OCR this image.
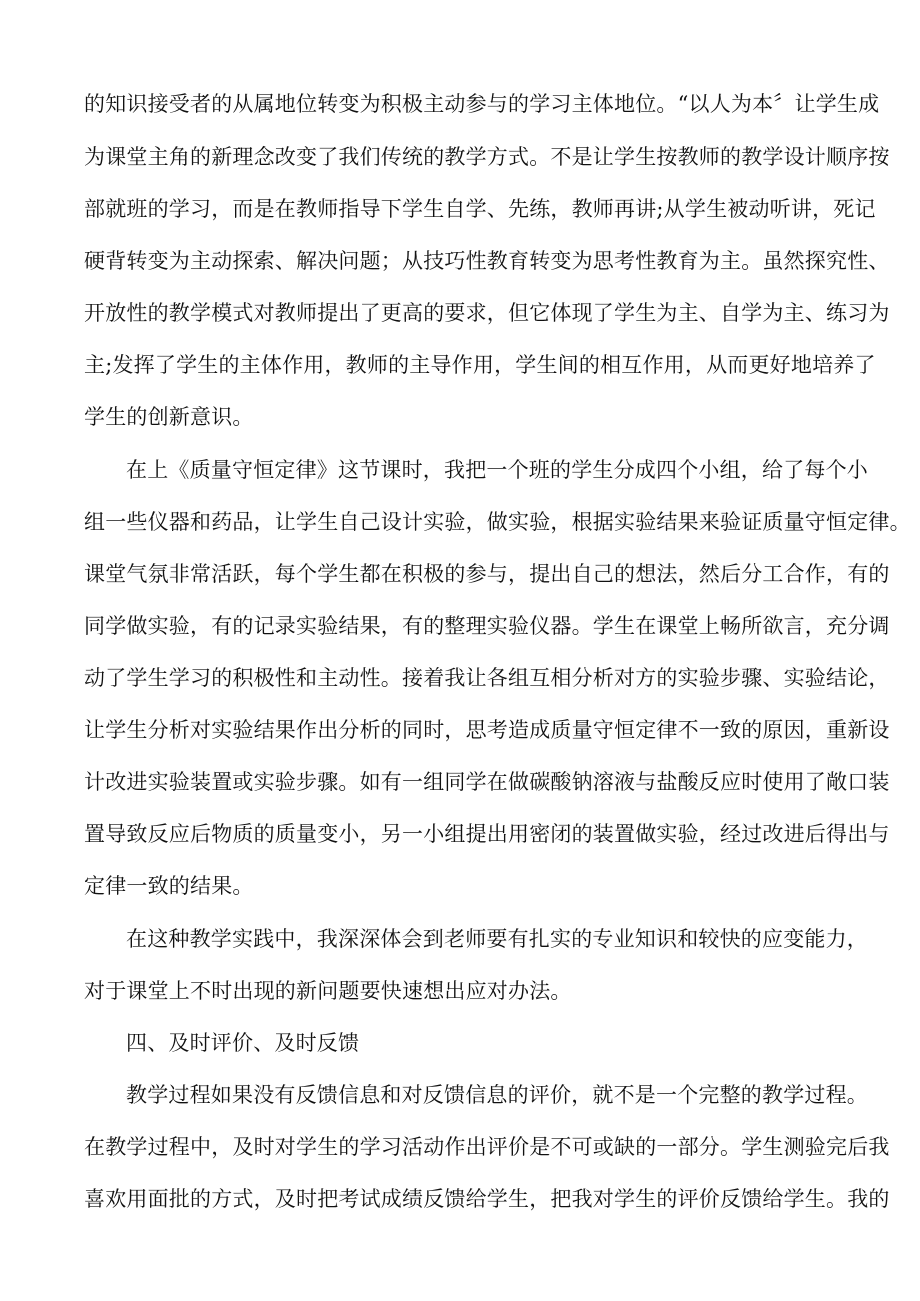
的知识接受者的从属地位转变为积极主动参与的学习主体地位。“以人为本〞让学生成
为课堂主角的新理念改变了我们传统的教学方式。不是让学生按教师的教学设计顺序按
部就班的学习，而是在教师指导下学生自学、先练，教师再讲;从学生被动听讲，死记
硬背转变为主动探索、解决问题；从技巧性教育转变为思考性教育为主。虽然探究性、
开放性的教学模式对教师提出了更高的要求，但它体现了学生为主、自学为主、练习为
主;发挥了学生的主体作用，教师的主导作用，学生间的相互作用，从而更好地培养了
学生的创新意识。
在上《质量守恒定律》这节课时，我把一个班的学生分成四个小组，给了每个小
组一些仪器和药品，让学生自己设计实验，做实验，根据实验结果来验证质量守恒定律。
课堂气氛非常活跃，每个学生都在积极的参与，提出自己的想法，然后分工合作，有的
同学做实验，有的记录实验结果，有的整理实验仪器。学生在课堂上畅所欲言，充分调
动了学生学习的积极性和主动性。接着我让各组互相分析对方的实验步骤、实验结论，
让学生分析对实验结果作出分析的同时，思考造成质量守恒定律不一致的原因，重新设
计改进实验装置或实验步骤。如有一组同学在做碳酸钠溶液与盐酸反应时使用了敞口装
置导致反应后物质的质量变小，另一小组提出用密闭的装置做实验，经过改进后得出与
定律一致的结果。
在这种教学实践中，我深深体会到老师要有扎实的专业知识和较快的应变能力，
对于课堂上不时出现的新问题要快速想出应对办法。
四、及时评价、及时反馈
教学过程如果没有反馈信息和对反馈信息的评价，就不是一个完整的教学过程。
在教学过程中，及时对学生的学习活动作出评价是不可或缺的一部分。学生测验完后我
喜欢用面批的方式，及时把考试成绩反馈给学生，把我对学生的评价反馈给学生。我的
